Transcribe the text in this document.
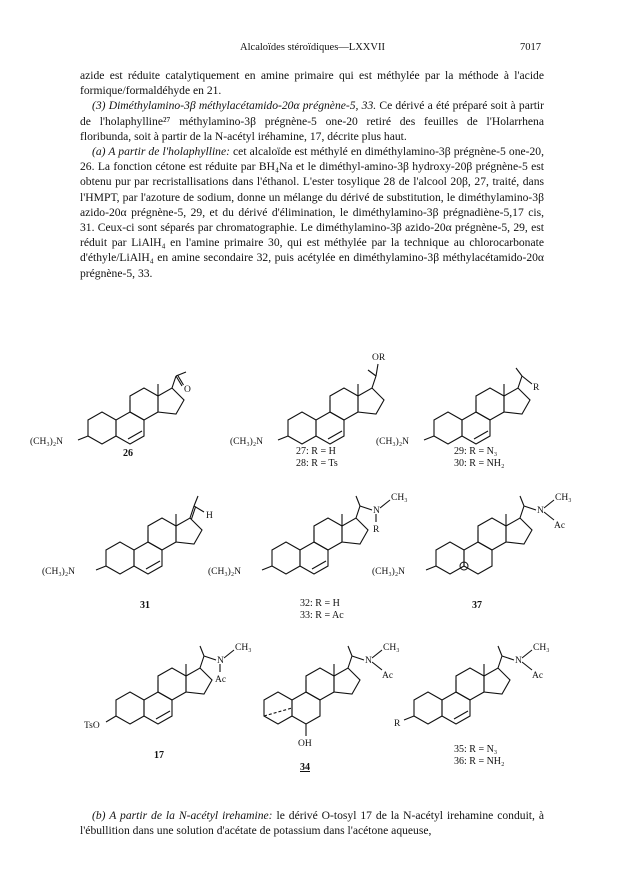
Alcaloïdes stéroïdiques—LXXVII	7017

azide est réduite catalytiquement en amine primaire qui est méthylée par la méthode à l'acide formique/formaldéhyde en 21.

(3) Diméthylamino-3β méthylacétamido-20α prégnène-5, 33. Ce dérivé a été préparé soit à partir de l'holaphylline²⁷ méthylamino-3β prégnène-5 one-20 retiré des feuilles de l'Holarrhena floribunda, soit à partir de la N-acétyl iréhamine, 17, décrite plus haut.

(a) A partir de l'holaphylline: cet alcaloïde est méthylé en diméthylamino-3β prégnène-5 one-20, 26. La fonction cétone est réduite par BH₄Na et le diméthyl-amino-3β hydroxy-20β prégnène-5 est obtenu pur par recristallisations dans l'éthanol. L'ester tosylique 28 de l'alcool 20β, 27, traité, dans l'HMPT, par l'azoture de sodium, donne un mélange du dérivé de substitution, le diméthylamino-3β azido-20α prégnène-5, 29, et du dérivé d'élimination, le diméthylamino-3β prégnadiène-5,17 cis, 31. Ceux-ci sont séparés par chromatographie. Le diméthylamino-3β azido-20α prégnène-5, 29, est réduit par LiAlH₄ en l'amine primaire 30, qui est méthylée par la technique au chlorocarbonate d'éthyle/LiAlH₄ en amine secondaire 32, puis acétylée en diméthylamino-3β méthylacétamido-20α prégnène-5, 33.

O
(CH₃)₂N
26
OR
(CH₃)₂N
27: R = H
28: R = Ts
R
(CH₃)₂N
29: R = N₃
30: R = NH₂
H
(CH₃)₂N
31
N
CH₃
R
(CH₃)₂N
32: R = H
33: R = Ac
N
CH₃
Ac
(CH₃)₂N
37
N
CH₃
Ac
TsO
17
OH
N
CH₃
Ac
34
N
CH₃
Ac
R
35: R = N₃
36: R = NH₂

(b) A partir de la N-acétyl irehamine: le dérivé O-tosyl 17 de la N-acétyl irehamine conduit, à l'ébullition dans une solution d'acétate de potassium dans l'acétone aqueuse,
